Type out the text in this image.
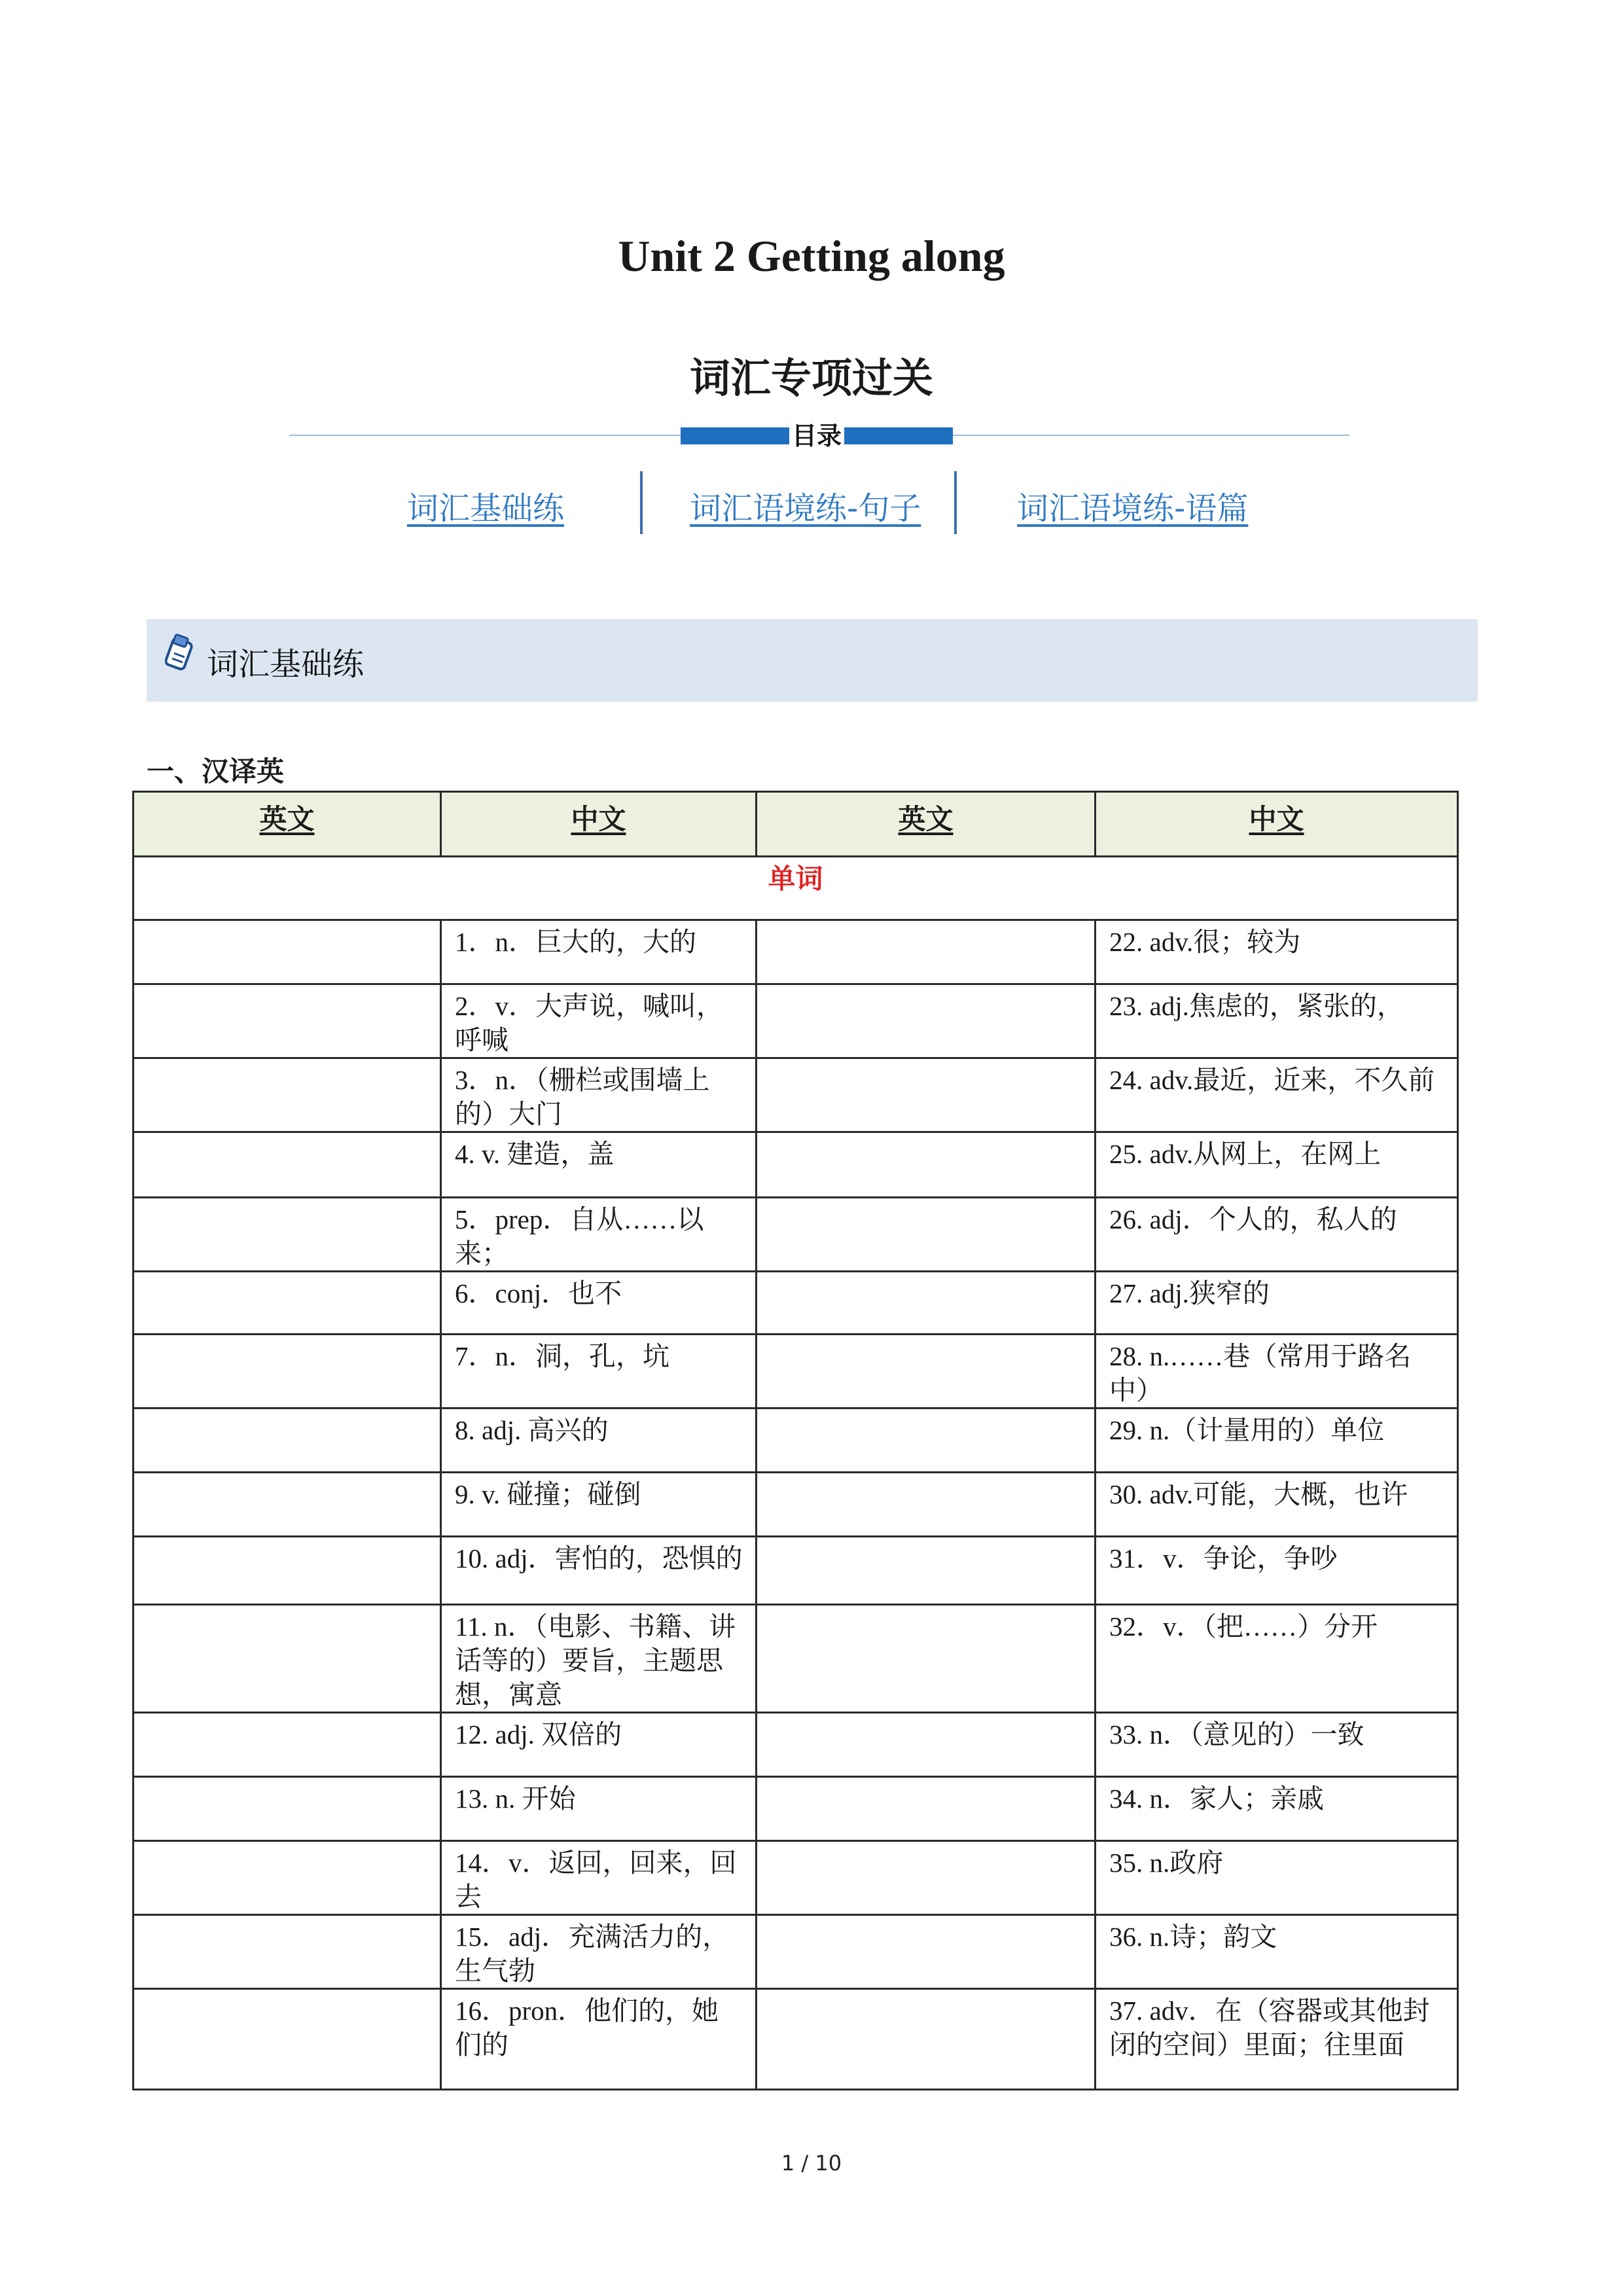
Unit 2 Getting along
词汇专项过关
目录
词汇基础练	词汇语境练-句子	词汇语境练-语篇
词汇基础练
一、汉译英
英文	中文	英文	中文
单词			

	1．n．巨大的，大的		22. adv.很；较为

	2．v．大声说，喊叫，呼喊		23. adj.焦虑的，紧张的，

	3．n．（栅栏或围墙上的）大门		24. adv.最近，近来，不久前

	4. v. 建造，盖		25. adv.从网上，在网上

	5．prep．自从……以来；		26. adj．个人的，私人的

	6．conj．也不		27. adj.狭窄的

	7．n．洞，孔，坑		28. n.……巷（常用于路名中）

	8. adj. 高兴的		29. n.（计量用的）单位

	9. v. 碰撞；碰倒		30. adv.可能，大概，也许

	10. adj．害怕的，恐惧的		31．v．争论，争吵

	11. n．（电影、书籍、讲话等的）要旨，主题思想，寓意		32．v．（把……）分开

	12. adj. 双倍的		33. n．（意见的）一致

	13. n. 开始		34. n．家人；亲戚

	14．v．返回，回来，回去		35. n.政府

	15．adj．充满活力的，生气勃		36. n.诗；韵文

	16．pron．他们的，她们的		37. adv．在（容器或其他封闭的空间）里面；往里面
1 / 10
